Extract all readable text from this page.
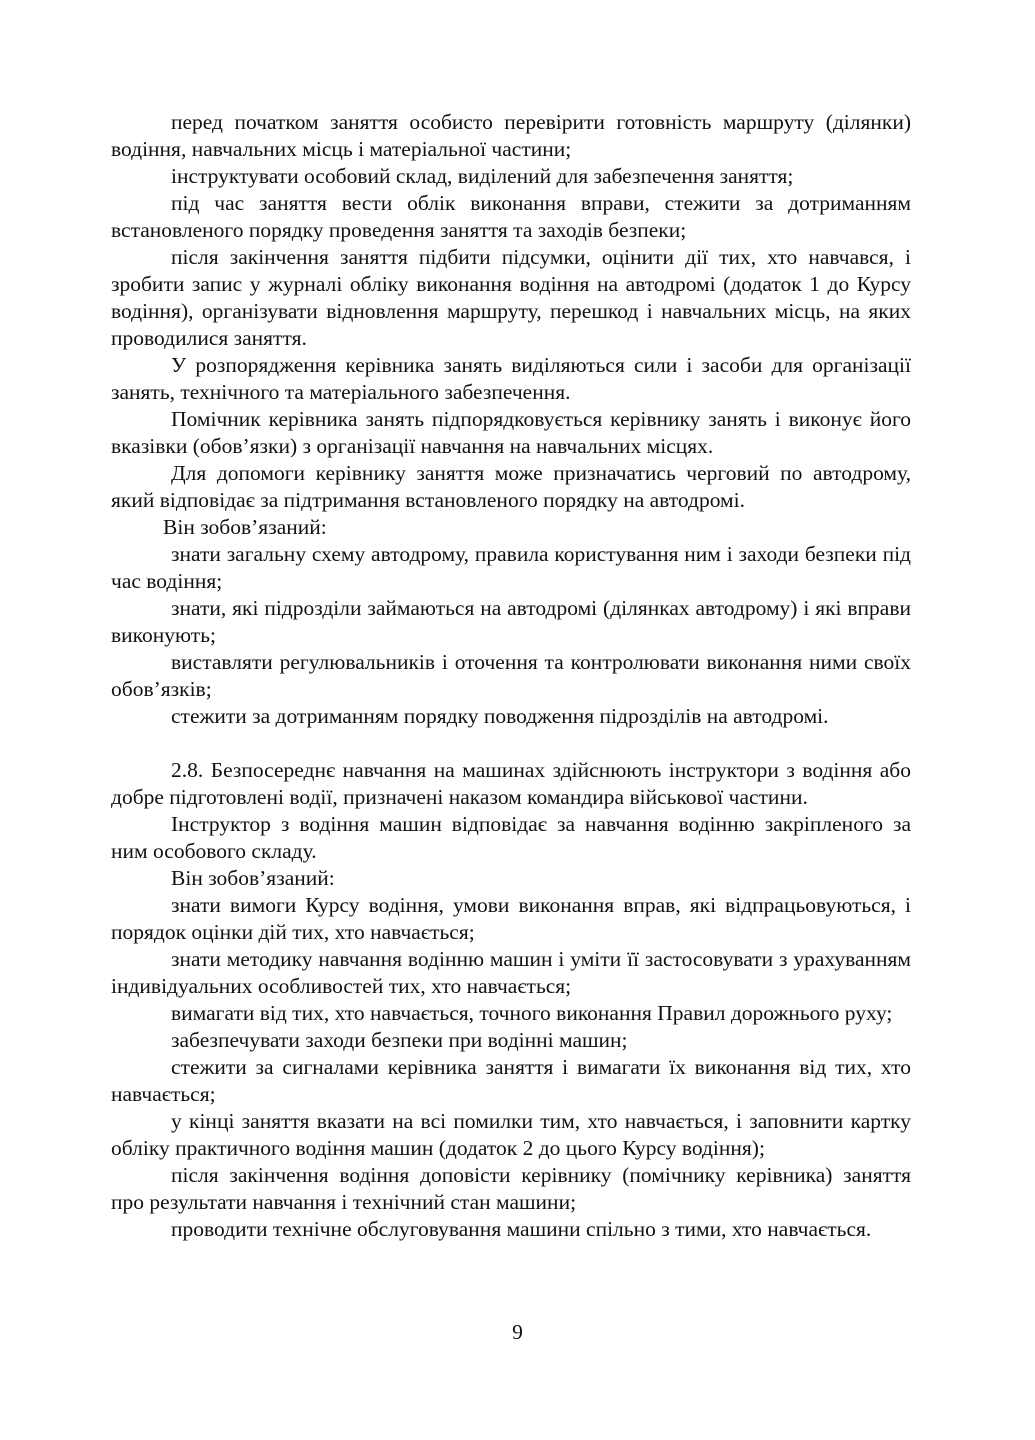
перед початком заняття особисто перевірити готовність маршруту (ділянки) водіння, навчальних місць і матеріальної частини;

інструктувати особовий склад, виділений для забезпечення заняття;

під час заняття вести облік виконання вправи, стежити за дотриманням встановленого порядку проведення заняття та заходів безпеки;

після закінчення заняття підбити підсумки, оцінити дії тих, хто навчався, і зробити запис у журналі обліку виконання водіння на автодромі (додаток 1 до Курсу водіння), організувати відновлення маршруту, перешкод і навчальних місць, на яких проводилися заняття.

У розпорядження керівника занять виділяються сили і засоби для організації занять, технічного та матеріального забезпечення.

Помічник керівника занять підпорядковується керівнику занять і виконує його вказівки (обов’язки) з організації навчання на навчальних місцях.

Для допомоги керівнику заняття може призначатись черговий по автодрому, який відповідає за підтримання встановленого порядку на автодромі.

Він зобов’язаний:

знати загальну схему автодрому, правила користування ним і заходи безпеки під час водіння;

знати, які підрозділи займаються на автодромі (ділянках автодрому) і які вправи виконують;

виставляти регулювальників і оточення та контролювати виконання ними своїх обов’язків;

стежити за дотриманням порядку поводження підрозділів на автодромі.

2.8. Безпосереднє навчання на машинах здійснюють інструктори з водіння або добре підготовлені водії, призначені наказом командира військової частини.

Інструктор з водіння машин відповідає за навчання водінню закріпленого за ним особового складу.

Він зобов’язаний:

знати вимоги Курсу водіння, умови виконання вправ, які відпрацьовуються, і порядок оцінки дій тих, хто навчається;

знати методику навчання водінню машин і уміти її застосовувати з урахуванням індивідуальних особливостей тих, хто навчається;

вимагати від тих, хто навчається, точного виконання Правил дорожнього руху;

забезпечувати заходи безпеки при водінні машин;

стежити за сигналами керівника заняття і вимагати їх виконання від тих, хто навчається;

у кінці заняття вказати на всі помилки тим, хто навчається, і заповнити картку обліку практичного водіння машин (додаток 2 до цього Курсу водіння);

після закінчення водіння доповісти керівнику (помічнику керівника) заняття про результати навчання і технічний стан машини;

проводити технічне обслуговування машини спільно з тими, хто навчається.

9
